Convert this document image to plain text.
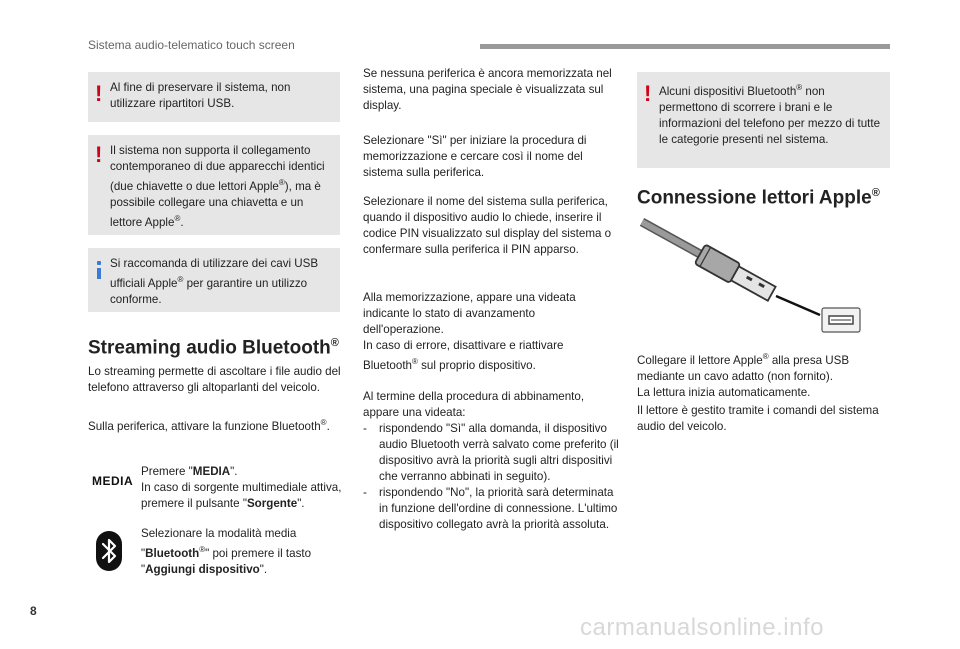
Sistema audio-telematico touch screen
! Al fine di preservare il sistema, non utilizzare ripartitori USB.
! Il sistema non supporta il collegamento contemporaneo di due apparecchi identici (due chiavette o due lettori Apple®), ma è possibile collegare una chiavetta e un lettore Apple®.
Si raccomanda di utilizzare dei cavi USB ufficiali Apple® per garantire un utilizzo conforme.
Streaming audio Bluetooth®
Lo streaming permette di ascoltare i file audio del telefono attraverso gli altoparlanti del veicolo.
Sulla periferica, attivare la funzione Bluetooth®.
MEDIA
Premere "MEDIA".
In caso di sorgente multimediale attiva, premere il pulsante "Sorgente".
Selezionare la modalità media "Bluetooth®" poi premere il tasto "Aggiungi dispositivo".
Se nessuna periferica è ancora memorizzata nel sistema, una pagina speciale è visualizzata sul display.
Selezionare "Sì" per iniziare la procedura di memorizzazione e cercare così il nome del sistema sulla periferica.
Selezionare il nome del sistema sulla periferica, quando il dispositivo audio lo chiede, inserire il codice PIN visualizzato sul display del sistema o confermare sulla periferica il PIN apparso.
Alla memorizzazione, appare una videata indicante lo stato di avanzamento dell'operazione.
In caso di errore, disattivare e riattivare Bluetooth® sul proprio dispositivo.
Al termine della procedura di abbinamento, appare una videata:
- rispondendo "Sì" alla domanda, il dispositivo audio Bluetooth verrà salvato come preferito (il dispositivo avrà la priorità sugli altri dispositivi che verranno abbinati in seguito).
- rispondendo "No", la priorità sarà determinata in funzione dell'ordine di connessione. L'ultimo dispositivo collegato avrà la priorità assoluta.
! Alcuni dispositivi Bluetooth® non permettono di scorrere i brani e le informazioni del telefono per mezzo di tutte le categorie presenti nel sistema.
Connessione lettori Apple®
Collegare il lettore Apple® alla presa USB mediante un cavo adatto (non fornito).
La lettura inizia automaticamente.
Il lettore è gestito tramite i comandi del sistema audio del veicolo.
8
carmanualsonline.info
